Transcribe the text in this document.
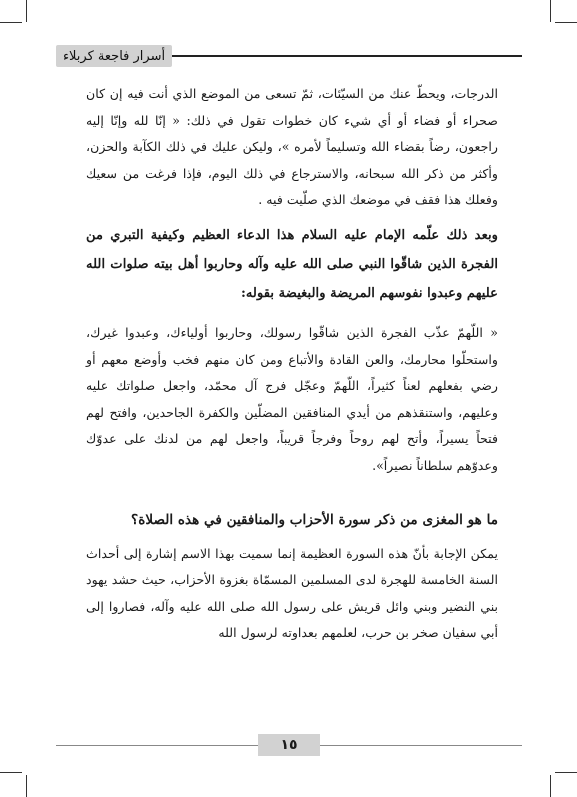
أسرار فاجعة كربلاء

الدرجات، ويحطّ عنك من السيّئات، ثمّ تسعى من الموضع الذي أنت فيه إن كان صحراء أو فضاء أو أي شيء كان خطوات تقول في ذلك: « إنّا لله وإنّا إليه راجعون، رضاً بقضاء الله وتسليماً لأمره »، وليكن عليك في ذلك الكآبة والحزن، وأكثر من ذكر الله سبحانه، والاسترجاع في ذلك اليوم، فإذا فرغت من سعيك وفعلك هذا فقف في موضعك الذي صلّيت فيه .

وبعد ذلك علّمه الإمام عليه السلام هذا الدعاء العظيم وكيفية التبري من الفجرة الذين شاقّوا النبي صلى الله عليه وآله وحاربوا أهل بيته صلوات الله عليهم وعبدوا نفوسهم المريضة والبغيضة بقوله:

« اللّهمّ عذّب الفجرة الذين شاقّوا رسولك، وحاربوا أولياءك، وعبدوا غيرك، واستحلّوا محارمك، والعن القادة والأتباع ومن كان منهم فخب وأوضع معهم أو رضي بفعلهم لعناً كثيراً، اللّهمّ وعجّل فرج آل محمّد، واجعل صلواتك عليه وعليهم، واستنقذهم من أيدي المنافقين المضلّين والكفرة الجاحدين، وافتح لهم فتحاً يسيراً، وأتح لهم روحاً وفرجاً قريباً، واجعل لهم من لدنك على عدوّك وعدوّهم سلطاناً نصيراً».

ما هو المغزى من ذكر سورة الأحزاب والمنافقين في هذه الصلاة؟

يمكن الإجابة بأنّ هذه السورة العظيمة إنما سميت بهذا الاسم إشارة إلى أحداث السنة الخامسة للهجرة لدى المسلمين المسمّاة بغزوة الأحزاب، حيث حشد يهود بني النضير وبني وائل قريش على رسول الله صلى الله عليه وآله، فصاروا إلى أبي سفيان صخر بن حرب، لعلمهم بعداوته لرسول الله

١٥
